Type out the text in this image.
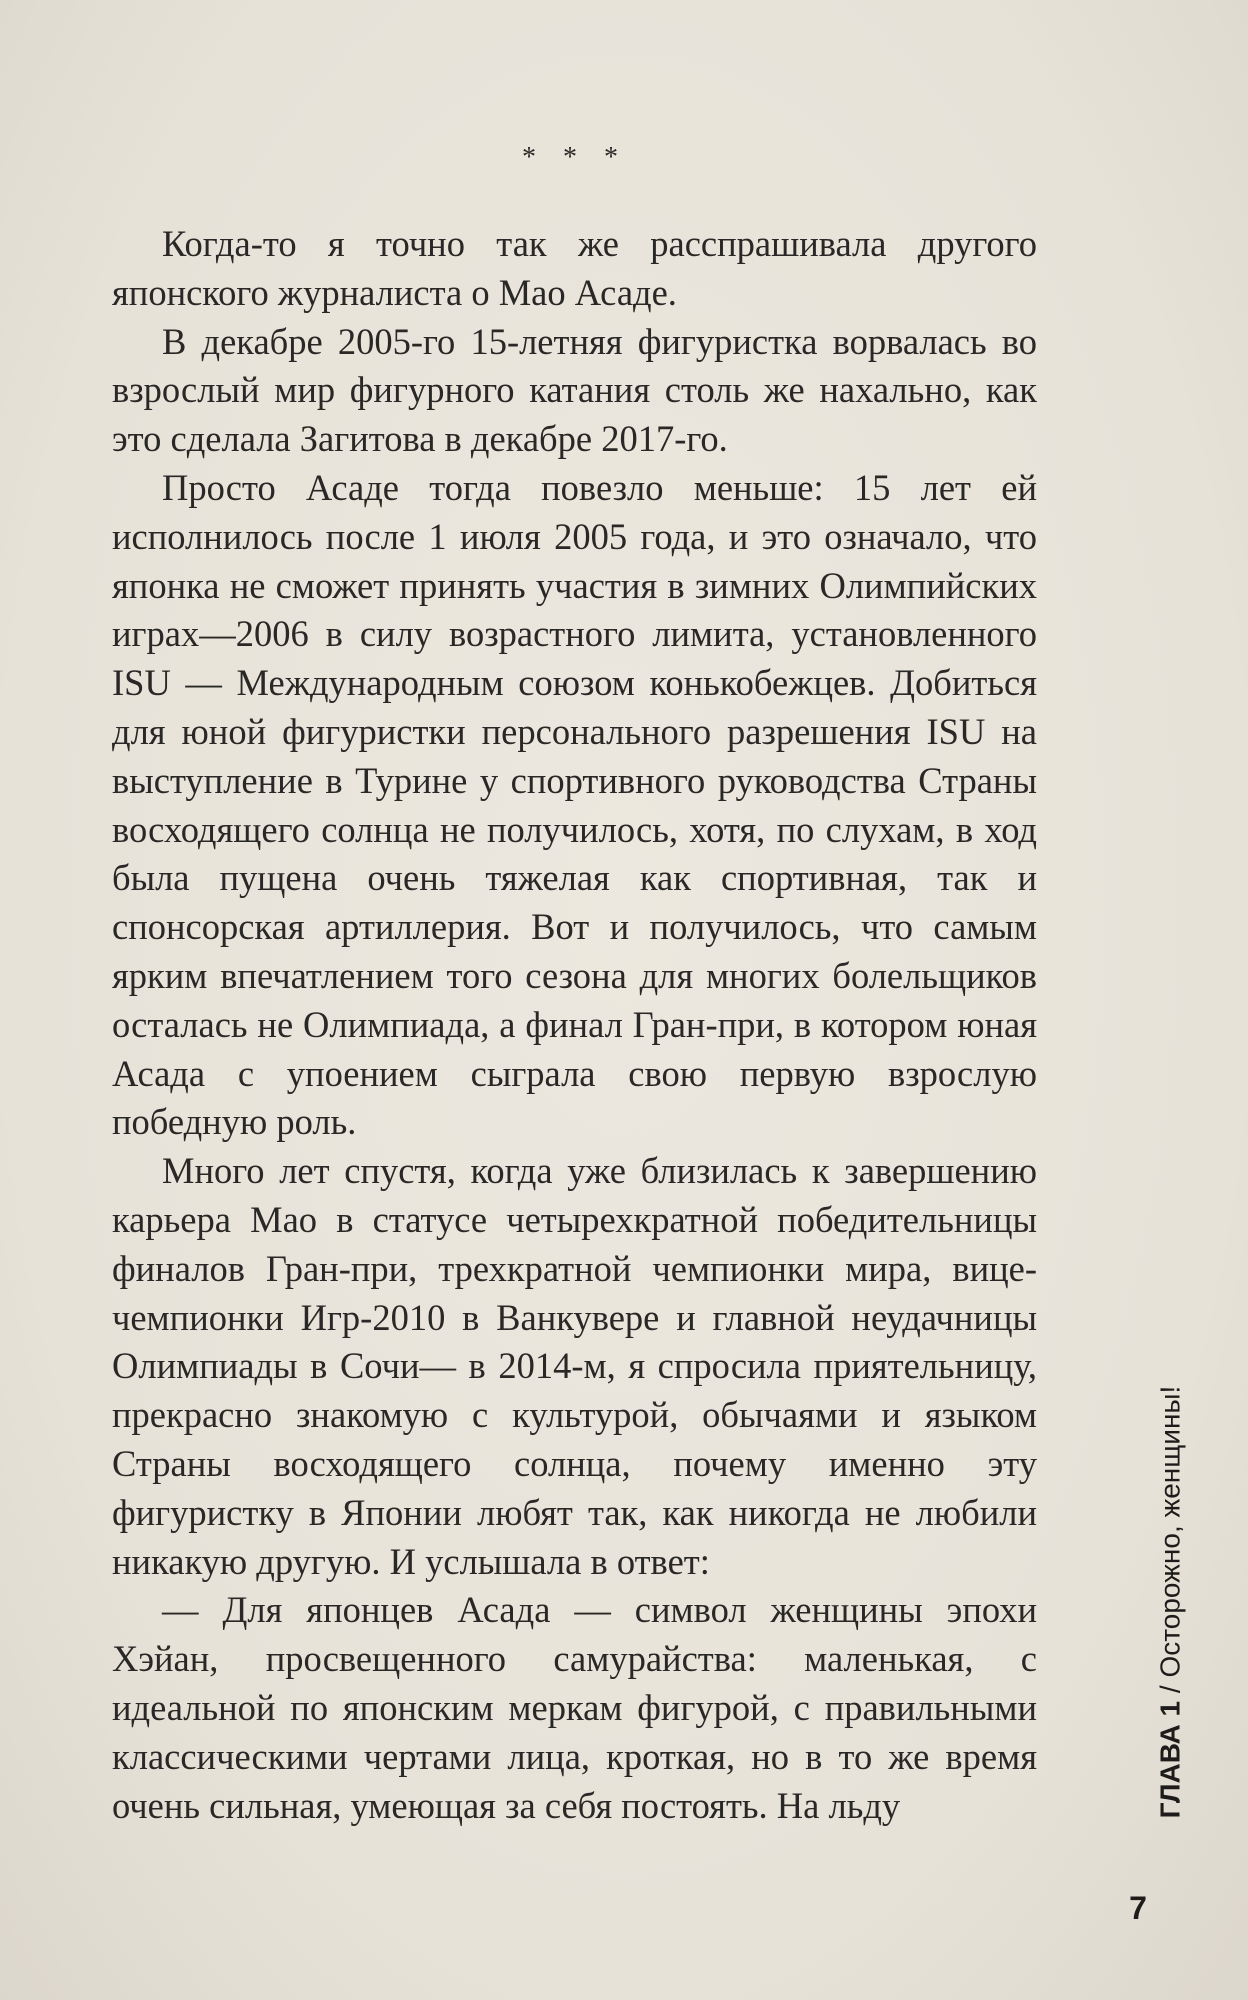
* * *

Когда-то я точно так же расспрашивала другого японского журналиста о Мао Асаде.

В декабре 2005-го 15-летняя фигуристка ворвалась во взрослый мир фигурного катания столь же нахально, как это сделала Загитова в декабре 2017-го.

Просто Асаде тогда повезло меньше: 15 лет ей исполнилось после 1 июля 2005 года, и это означало, что японка не сможет принять участия в зимних Олимпийских играх—2006 в силу возрастного лимита, установленного ISU — Международным союзом конькобежцев. Добиться для юной фигуристки персонального разрешения ISU на выступление в Турине у спортивного руководства Страны восходящего солнца не получилось, хотя, по слухам, в ход была пущена очень тяжелая как спортивная, так и спонсорская артиллерия. Вот и получилось, что самым ярким впечатлением того сезона для многих болельщиков осталась не Олимпиада, а финал Гран-при, в котором юная Асада с упоением сыграла свою первую взрослую победную роль.

Много лет спустя, когда уже близилась к завершению карьера Мао в статусе четырехкратной победительницы финалов Гран-при, трехкратной чемпионки мира, вице-чемпионки Игр-2010 в Ванкувере и главной неудачницы Олимпиады в Сочи— в 2014-м, я спросила приятельницу, прекрасно знакомую с культурой, обычаями и языком Страны восходящего солнца, почему именно эту фигуристку в Японии любят так, как никогда не любили никакую другую. И услышала в ответ:

— Для японцев Асада — символ женщины эпохи Хэйан, просвещенного самурайства: маленькая, с идеальной по японским меркам фигурой, с правильными классическими чертами лица, кроткая, но в то же время очень сильная, умеющая за себя постоять. На льду	ГЛАВА 1 / Осторожно, женщины!
7
